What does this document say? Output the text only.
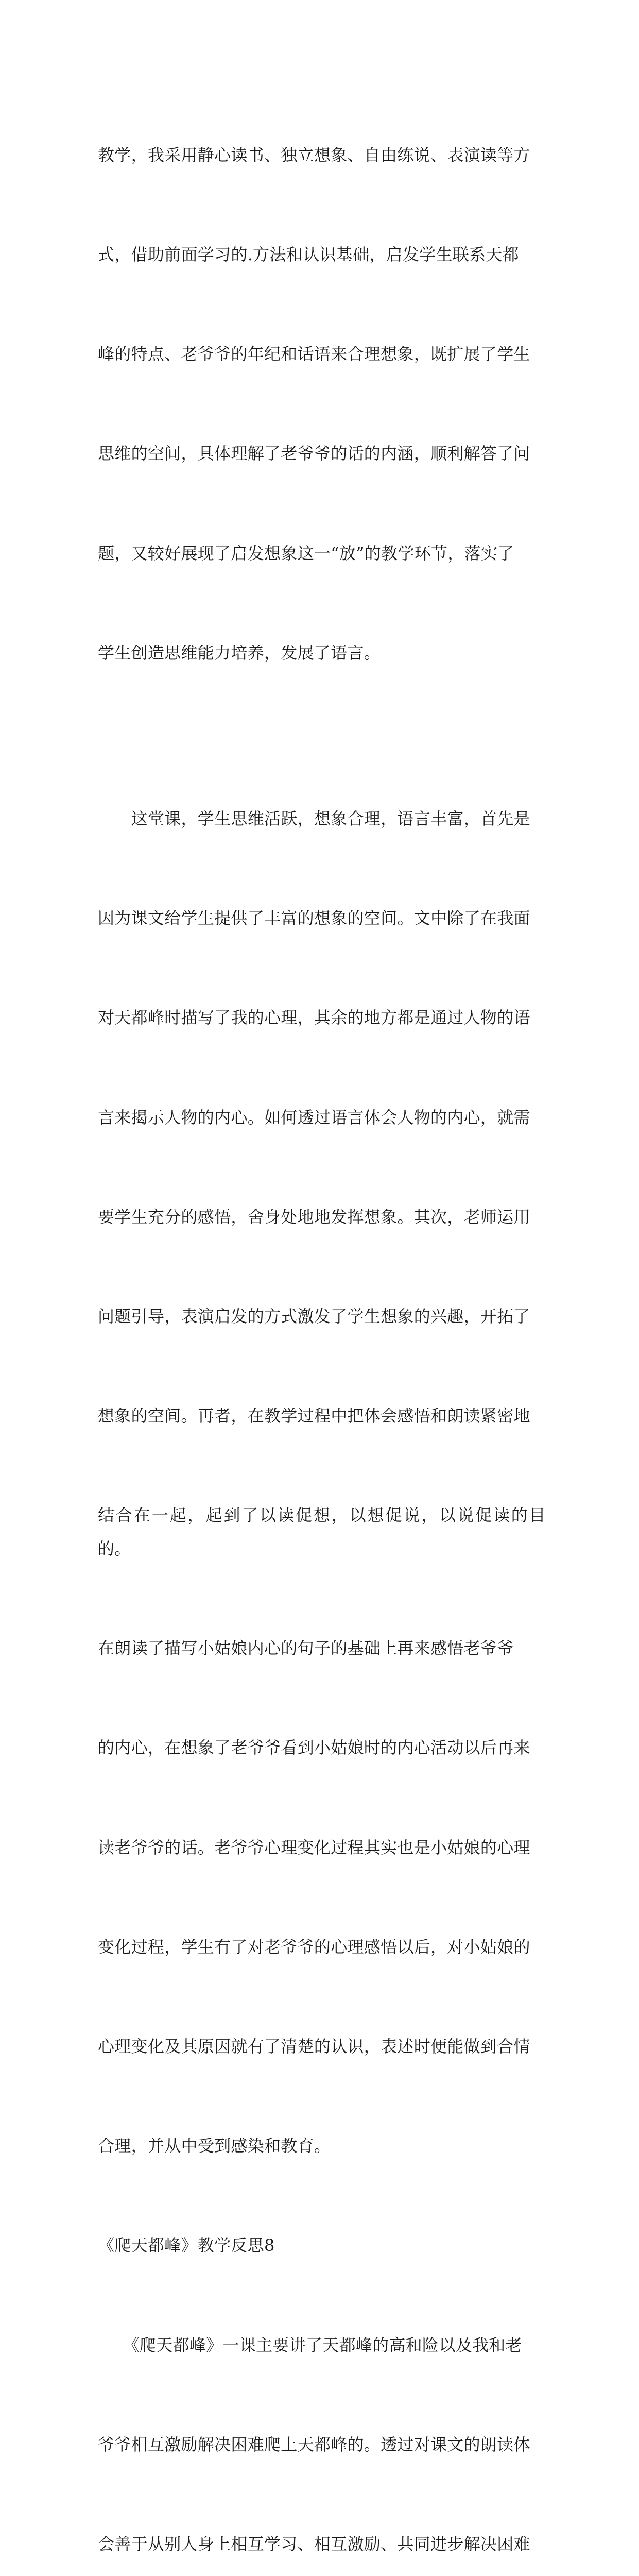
教学，我采用静心读书、独立想象、自由练说、表演读等方

式，借助前面学习的.方法和认识基础，启发学生联系天都

峰的特点、老爷爷的年纪和话语来合理想象，既扩展了学生

思维的空间，具体理解了老爷爷的话的内涵，顺利解答了问

题，又较好展现了启发想象这一“放”的教学环节，落实了

学生创造思维能力培养，发展了语言。

　　这堂课，学生思维活跃，想象合理，语言丰富，首先是

因为课文给学生提供了丰富的想象的空间。文中除了在我面

对天都峰时描写了我的心理，其余的地方都是通过人物的语

言来揭示人物的内心。如何透过语言体会人物的内心，就需

要学生充分的感悟，舍身处地地发挥想象。其次，老师运用

问题引导，表演启发的方式激发了学生想象的兴趣，开拓了

想象的空间。再者，在教学过程中把体会感悟和朗读紧密地

结合在一起，起到了以读促想，以想促说，以说促读的目的。

在朗读了描写小姑娘内心的句子的基础上再来感悟老爷爷

的内心，在想象了老爷爷看到小姑娘时的内心活动以后再来

读老爷爷的话。老爷爷心理变化过程其实也是小姑娘的心理

变化过程，学生有了对老爷爷的心理感悟以后，对小姑娘的

心理变化及其原因就有了清楚的认识，表述时便能做到合情

合理，并从中受到感染和教育。

《爬天都峰》教学反思8

　　《爬天都峰》一课主要讲了天都峰的高和险以及我和老

爷爷相互激励解决困难爬上天都峰的。透过对课文的朗读体

会善于从别人身上相互学习、相互激励、共同进步解决困难
